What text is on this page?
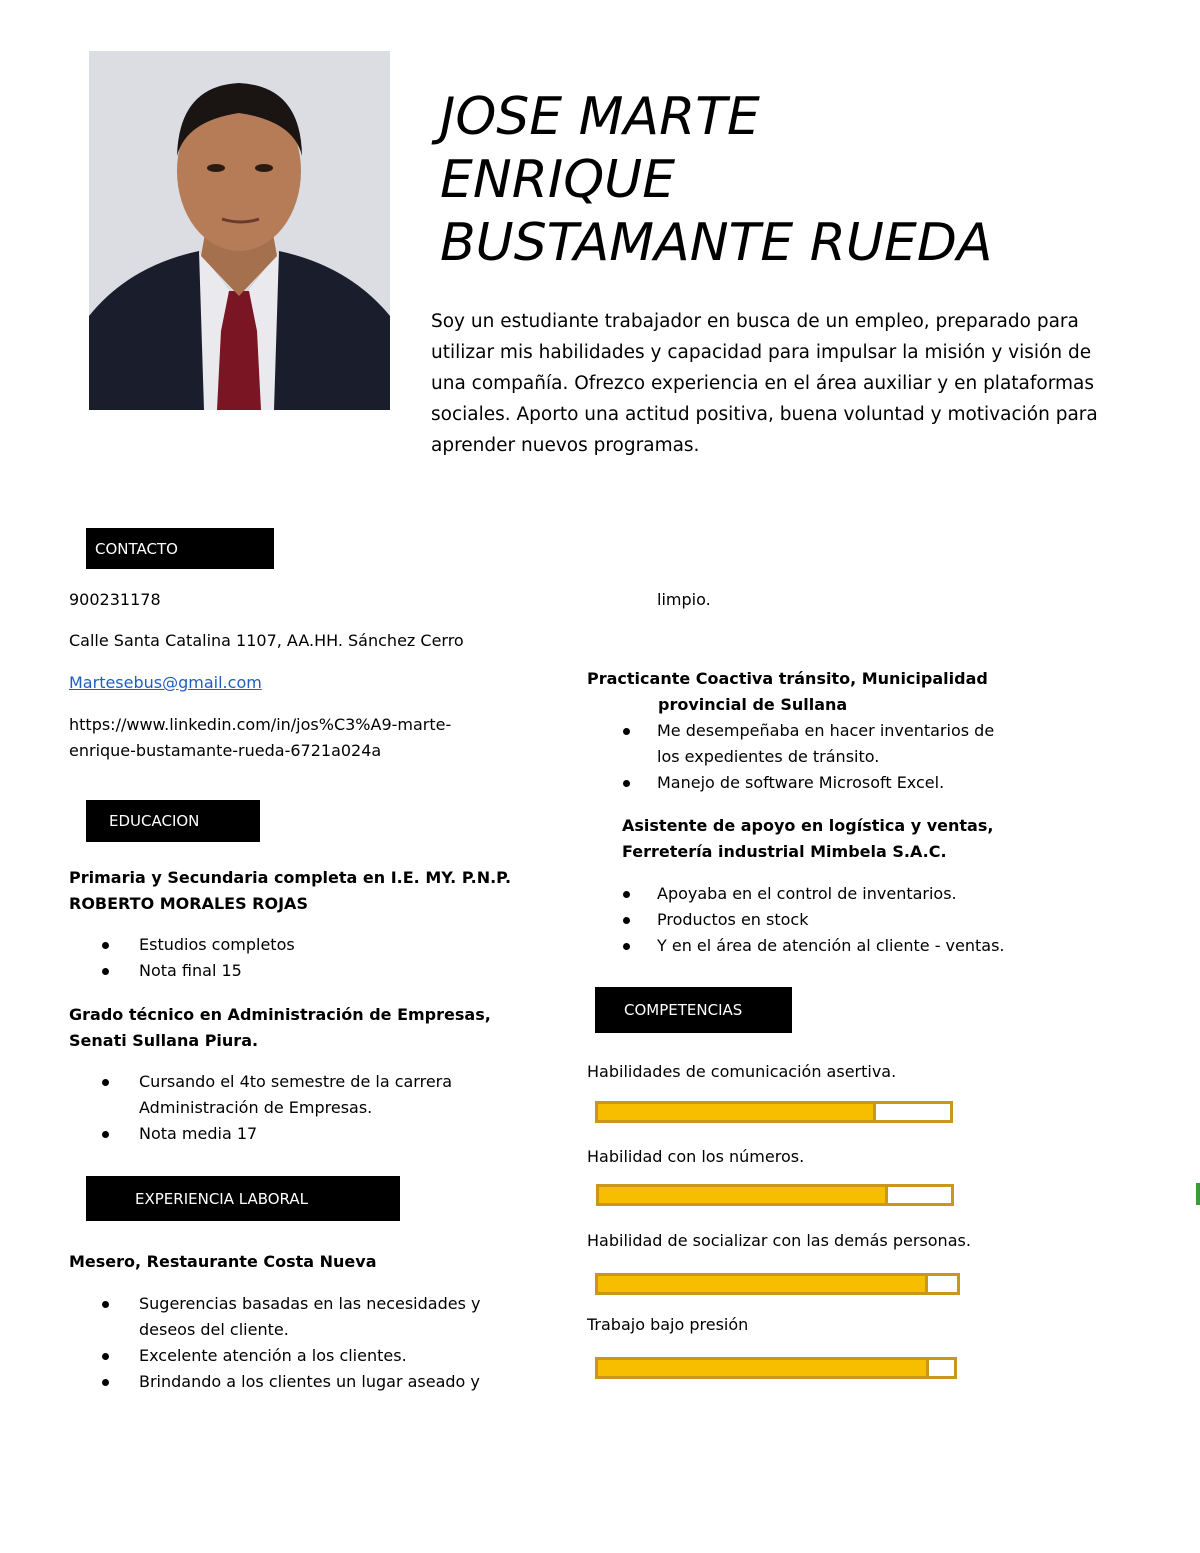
JOSE MARTE
ENRIQUE
BUSTAMANTE RUEDA
Soy un estudiante trabajador en busca de un empleo, preparado para utilizar mis habilidades y capacidad para impulsar la misión y visión de una compañía. Ofrezco experiencia en el área auxiliar y en plataformas sociales. Aporto una actitud positiva, buena voluntad y motivación para aprender nuevos programas.
CONTACTO
900231178
Calle Santa Catalina 1107, AA.HH. Sánchez Cerro
Martesebus@gmail.com
https://www.linkedin.com/in/jos%C3%A9-marte-
enrique-bustamante-rueda-6721a024a
EDUCACION
Primaria y Secundaria completa en I.E. MY. P.N.P.
ROBERTO MORALES ROJAS
Estudios completos
Nota final 15
Grado técnico en Administración de Empresas,
Senati Sullana Piura.
Cursando el 4to semestre de la carrera
Administración de Empresas.
Nota media 17
EXPERIENCIA LABORAL
Mesero, Restaurante Costa Nueva
Sugerencias basadas en las necesidades y
deseos del cliente.
Excelente atención a los clientes.
Brindando a los clientes un lugar aseado y
limpio.
Practicante Coactiva tránsito, Municipalidad
provincial de Sullana
Me desempeñaba en hacer inventarios de
los expedientes de tránsito.
Manejo de software Microsoft Excel.
Asistente de apoyo en logística y ventas,
Ferretería industrial Mimbela S.A.C.
Apoyaba en el control de inventarios.
Productos en stock
Y en el área de atención al cliente - ventas.
COMPETENCIAS
Habilidades de comunicación asertiva.
Habilidad con los números.
Habilidad de socializar con las demás personas.
Trabajo bajo presión
